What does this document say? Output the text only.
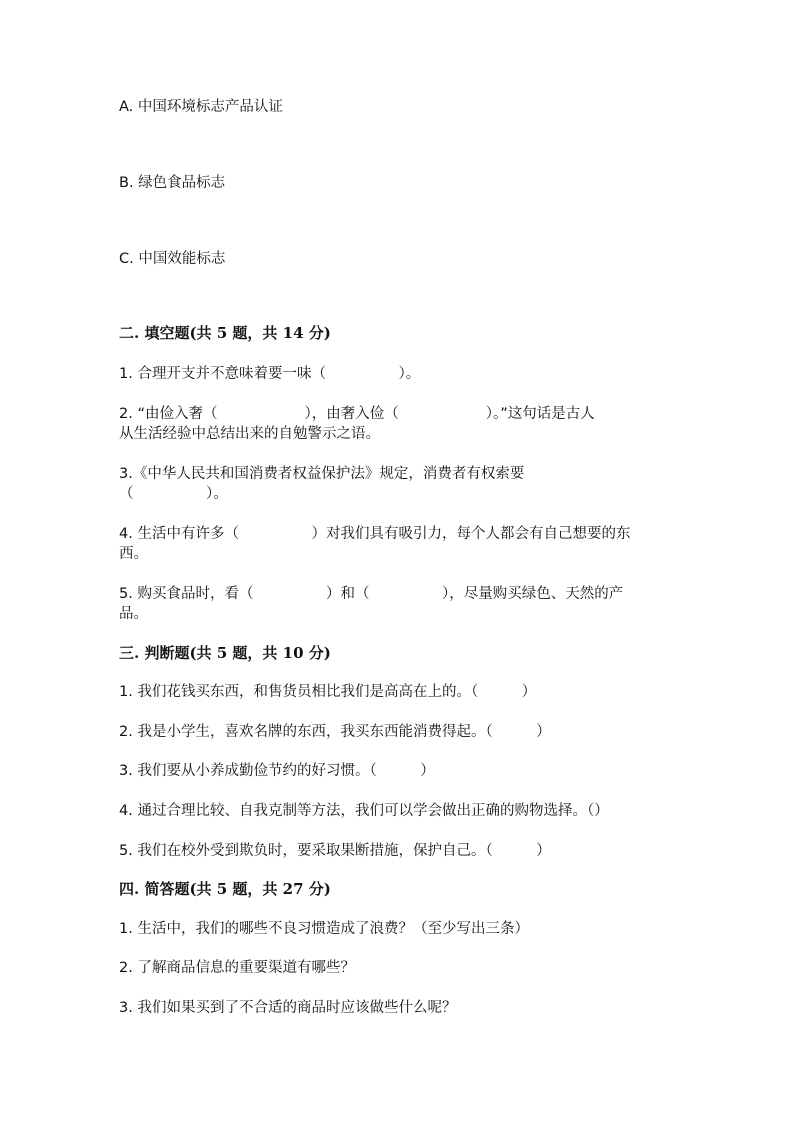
A. 中国环境标志产品认证
B. 绿色食品标志
C. 中国效能标志
二. 填空题(共 5 题，共 14 分)
1. 合理开支并不意味着要一味（　　　　　）。
2. “由俭入奢（　　　　　　），由奢入俭（　　　　　　）。”这句话是古人
从生活经验中总结出来的自勉警示之语。
3.《中华人民共和国消费者权益保护法》规定，消费者有权索要
（　　　　　）。
4. 生活中有许多（　　　　　）对我们具有吸引力，每个人都会有自己想要的东
西。
5. 购买食品时，看（　　　　　）和（　　　　　），尽量购买绿色、天然的产
品。
三. 判断题(共 5 题，共 10 分)
1. 我们花钱买东西，和售货员相比我们是高高在上的。（　　　）
2. 我是小学生，喜欢名牌的东西，我买东西能消费得起。（　　　）
3. 我们要从小养成勤俭节约的好习惯。（　　　）
4. 通过合理比较、自我克制等方法，我们可以学会做出正确的购物选择。（）
5. 我们在校外受到欺负时，要采取果断措施，保护自己。（　　　）
四. 简答题(共 5 题，共 27 分)
1. 生活中，我们的哪些不良习惯造成了浪费？（至少写出三条）
2. 了解商品信息的重要渠道有哪些？
3. 我们如果买到了不合适的商品时应该做些什么呢？
